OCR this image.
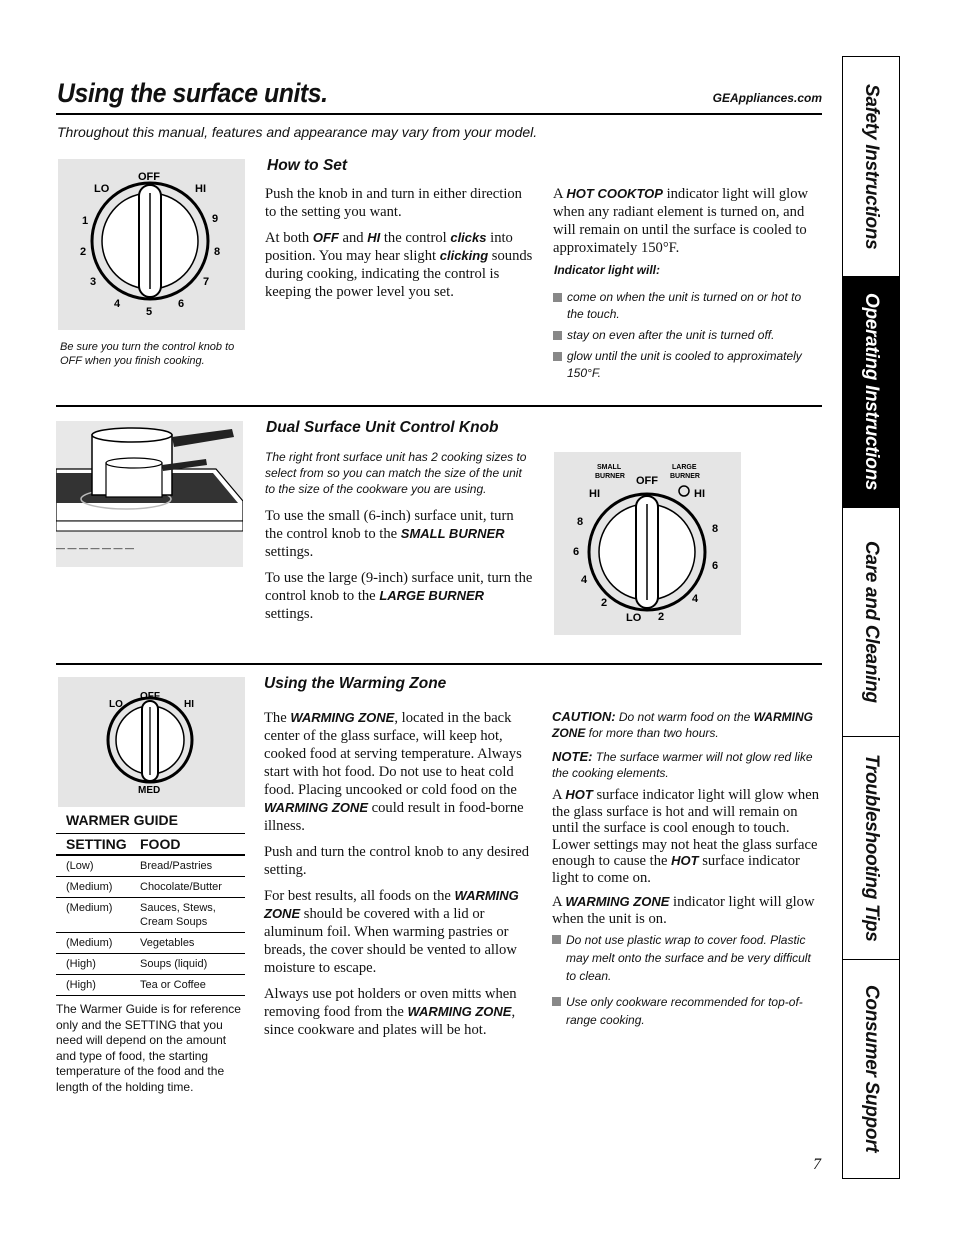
Using the surface units.	GEAppliances.com
Throughout this manual, features and appearance may vary from your model.
OFF
LO	HI
1
2
3
4
5
6
7
8
9
Be sure you turn the control knob to OFF when you finish cooking.
How to Set

Push the knob in and turn in either direction to the setting you want.

At both OFF and HI the control clicks into position. You may hear slight clicking sounds during cooking, indicating the control is keeping the power level you set.

A HOT COOKTOP indicator light will glow when any radiant element is turned on, and will remain on until the surface is cooled to approximately 150°F.

Indicator light will:
come on when the unit is turned on or hot to the touch.
stay on even after the unit is turned off.
glow until the unit is cooled to approximately 150°F.
— — — — — — —
Dual Surface Unit Control Knob
The right front surface unit has 2 cooking sizes to select from so you can match the size of the unit to the size of the cookware you are using.

To use the small (6-inch) surface unit, turn the control knob to the SMALL BURNER settings.

To use the large (9-inch) surface unit, turn the control knob to the LARGE BURNER settings.

SMALL
BURNER
LARGE
BURNER
OFF
HI	HI
8
6
4
2
LO 2
4
6
8
LO
OFF
HI
MED
WARMER GUIDE
SETTING	FOOD
(Low)	Bread/Pastries
(Medium)	Chocolate/Butter
(Medium)	Sauces, Stews, Cream Soups
(Medium)	Vegetables
(High)	Soups (liquid)
(High)	Tea or Coffee
The Warmer Guide is for reference only and the SETTING that you need will depend on the amount and type of food, the starting temperature of the food and the length of the holding time.
Using the Warming Zone

The WARMING ZONE, located in the back center of the glass surface, will keep hot, cooked food at serving temperature. Always start with hot food. Do not use to heat cold food. Placing uncooked or cold food on the WARMING ZONE could result in food-borne illness.

Push and turn the control knob to any desired setting.

For best results, all foods on the WARMING ZONE should be covered with a lid or aluminum foil. When warming pastries or breads, the cover should be vented to allow moisture to escape.

Always use pot holders or oven mitts when removing food from the WARMING ZONE, since cookware and plates will be hot.

CAUTION: Do not warm food on the WARMING ZONE for more than two hours.
NOTE: The surface warmer will not glow red like the cooking elements.

A HOT surface indicator light will glow when the glass surface is hot and will remain on until the surface is cool enough to touch. Lower settings may not heat the glass surface enough to cause the HOT surface indicator light to come on.

A WARMING ZONE indicator light will glow when the unit is on.

Do not use plastic wrap to cover food. Plastic may melt onto the surface and be very difficult to clean.
Use only cookware recommended for top-of-range cooking.
Safety Instructions
Operating Instructions
Care and Cleaning
Troubleshooting Tips
Consumer Support
7
